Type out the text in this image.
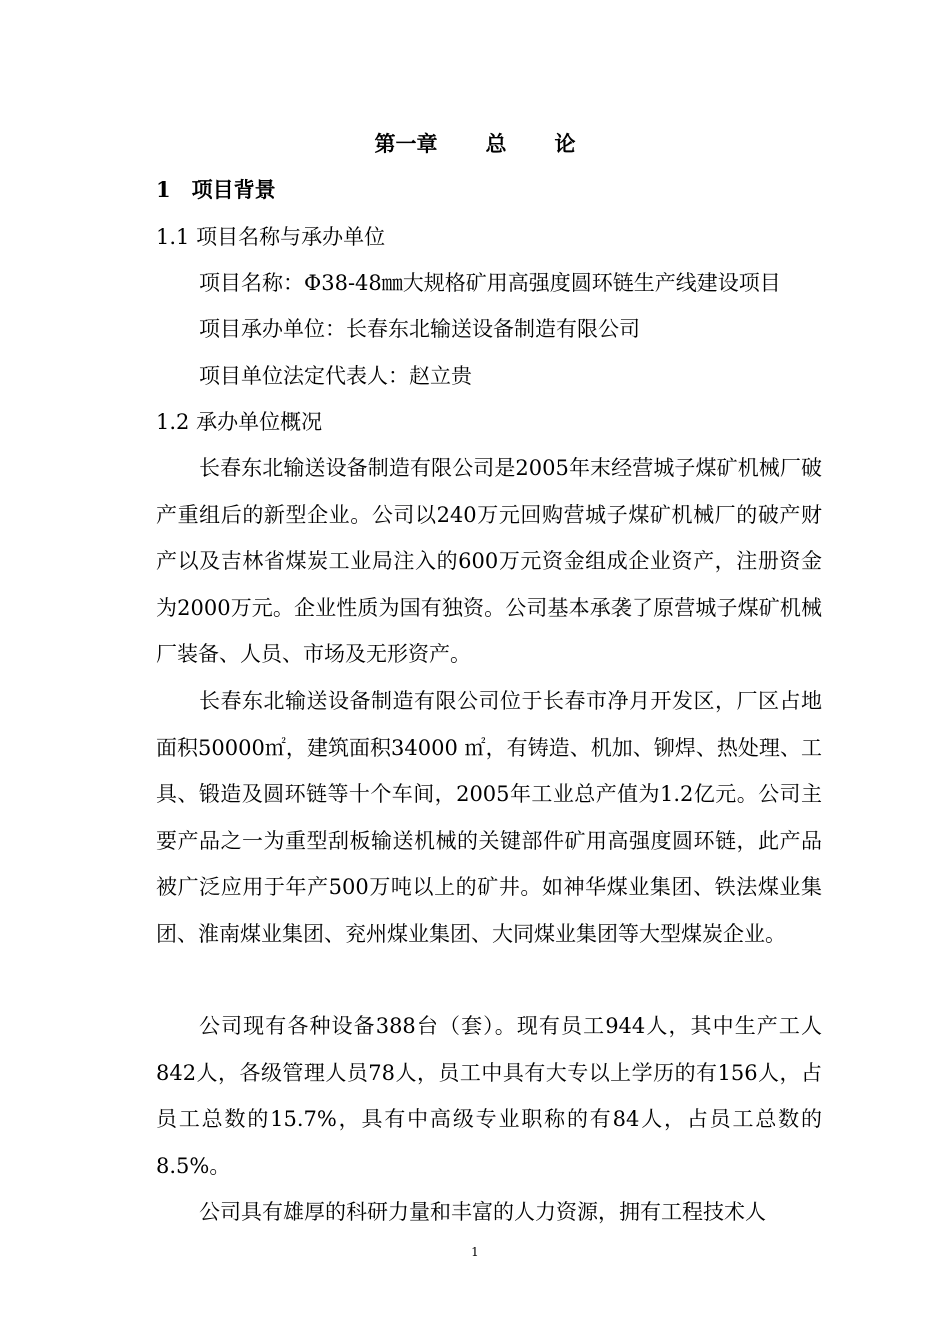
第一章 总 论
1　项目背景
1.1 项目名称与承办单位
项目名称：Φ38-48㎜大规格矿用高强度圆环链生产线建设项目
项目承办单位：长春东北输送设备制造有限公司
项目单位法定代表人：赵立贵
1.2 承办单位概况

长春东北输送设备制造有限公司是2005年末经营城子煤矿机械厂破产重组后的新型企业。公司以240万元回购营城子煤矿机械厂的破产财产以及吉林省煤炭工业局注入的600万元资金组成企业资产，注册资金为2000万元。企业性质为国有独资。公司基本承袭了原营城子煤矿机械厂装备、人员、市场及无形资产。

长春东北输送设备制造有限公司位于长春市净月开发区，厂区占地面积50000㎡，建筑面积34000 ㎡，有铸造、机加、铆焊、热处理、工具、锻造及圆环链等十个车间，2005年工业总产值为1.2亿元。公司主要产品之一为重型刮板输送机械的关键部件矿用高强度圆环链，此产品被广泛应用于年产500万吨以上的矿井。如神华煤业集团、铁法煤业集团、淮南煤业集团、兖州煤业集团、大同煤业集团等大型煤炭企业。

公司现有各种设备388台（套）。现有员工944人，其中生产工人842人，各级管理人员78人，员工中具有大专以上学历的有156人，占员工总数的15.7%，具有中高级专业职称的有84人，占员工总数的8.5%。

公司具有雄厚的科研力量和丰富的人力资源，拥有工程技术人

1
